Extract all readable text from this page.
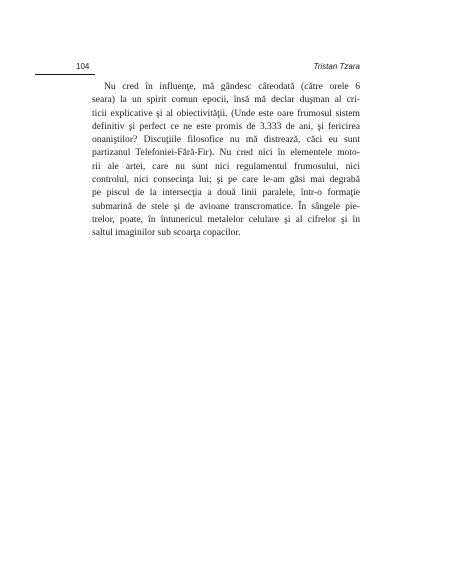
104	Tristan Tzara

Nu cred în influenţe, mă gândesc câteodată (către orele 6
seara) la un spirit comun epocii, însă mă declar duşman al cri-
ticii explicative şi al obiectivităţii. (Unde este oare frumosul sistem
definitiv şi perfect ce ne este promis de 3.333 de ani, şi fericirea
onaniştilor? Discuţiile filosofice nu mă distrează, căci eu sunt
partizanul Telefoniei-Fără-Fir). Nu cred nici în elementele moto-
rii ale artei, care nu sunt nici regulamentul frumosului, nici
controlul, nici consecinţa lui; şi pe care le-am găsi mai degrabă
pe piscul de la intersecţia a două linii paralele, într-o formaţie
submarină de stele şi de avioane transcromatice. În sângele pie-
trelor, poate, în întunericul metalelor celulare şi al cifrelor şi în
saltul imaginilor sub scoarţa copacilor.
